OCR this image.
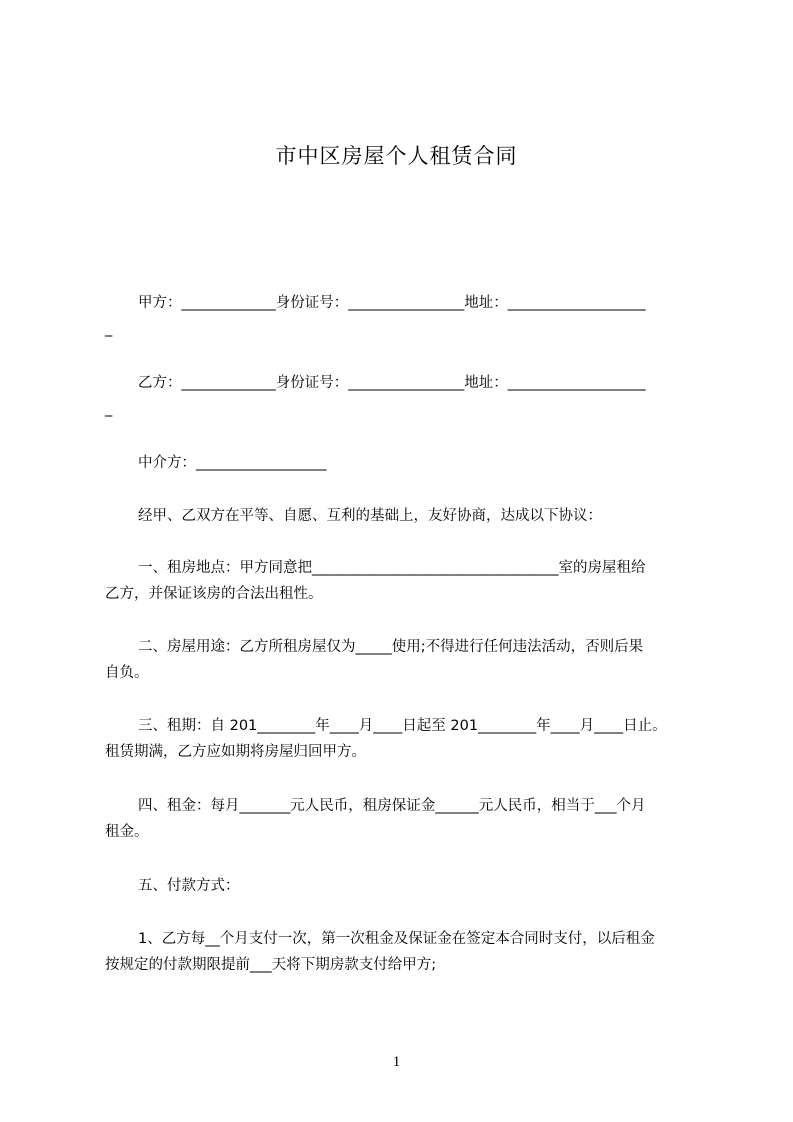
市中区房屋个人租赁合同
甲方：_____________身份证号：________________地址：___________________
_
乙方：_____________身份证号：________________地址：___________________
_
中介方：__________________
经甲、乙双方在平等、自愿、互利的基础上，友好协商，达成以下协议：
一、租房地点：甲方同意把__________________________________室的房屋租给
乙方，并保证该房的合法出租性。
二、房屋用途：乙方所租房屋仅为_____使用;不得进行任何违法活动，否则后果
自负。
三、租期：自 201________年____月____日起至 201________年____月____日止。
租赁期满，乙方应如期将房屋归回甲方。
四、租金：每月_______元人民币，租房保证金______元人民币，相当于___个月
租金。
五、付款方式：
1、乙方每__个月支付一次，第一次租金及保证金在签定本合同时支付，以后租金
按规定的付款期限提前___天将下期房款支付给甲方;
1
